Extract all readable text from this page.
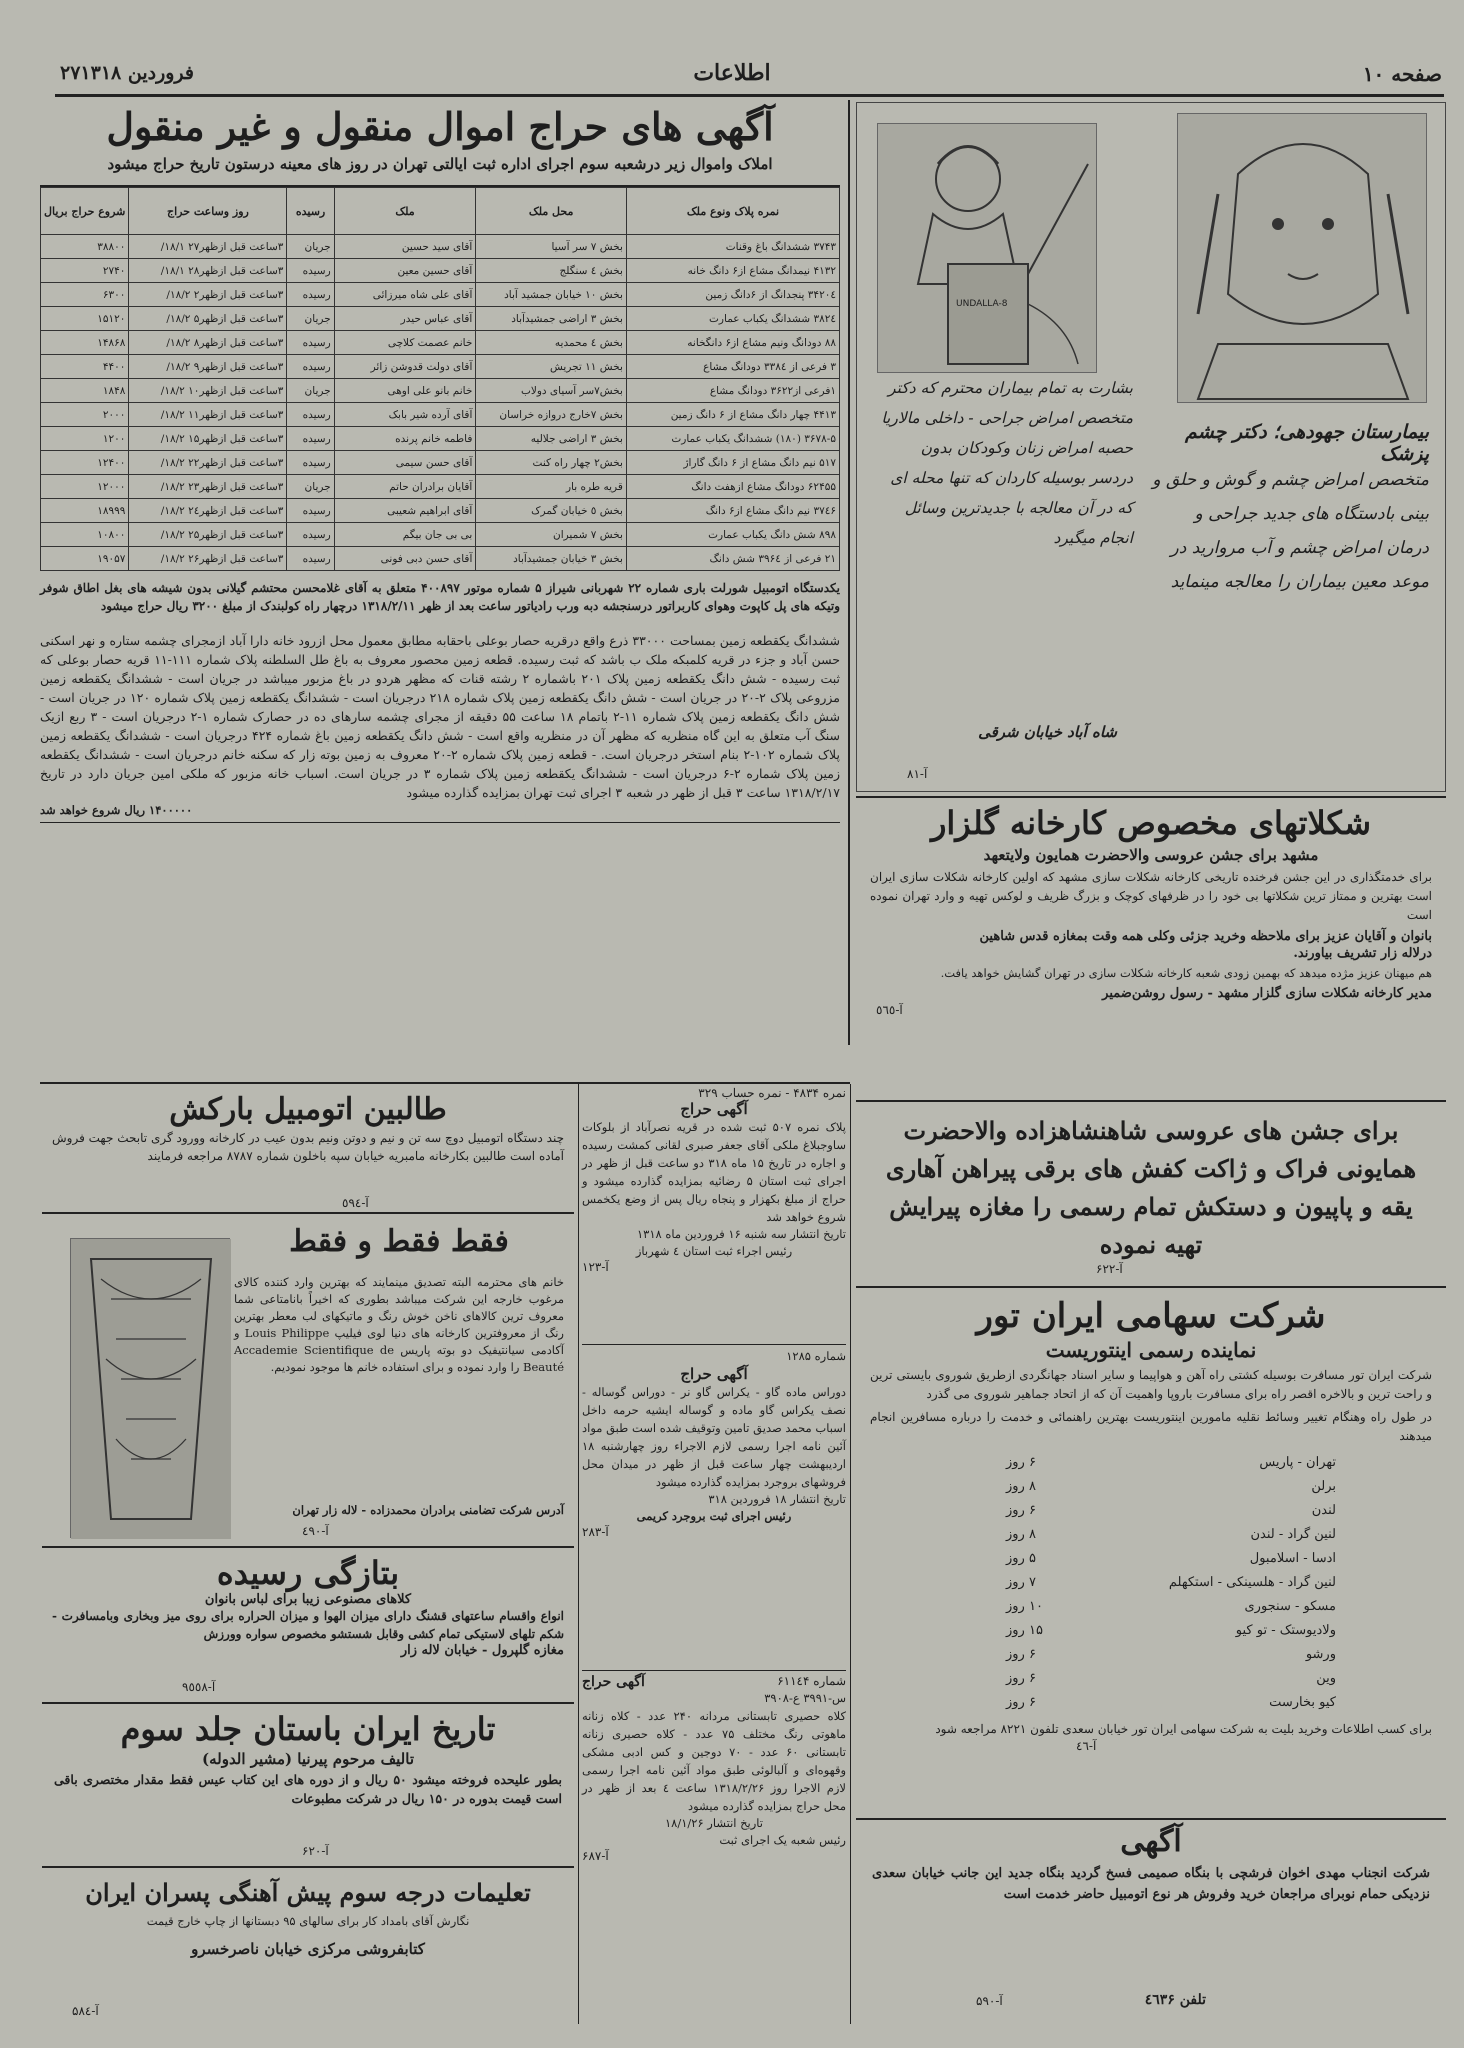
صفحه ۱۰
اطلاعات
۲۷فروردین ۱۳۱۸
آگهی های حراج اموال منقول و غیر منقول
املاک واموال زیر درشعبه سوم اجرای اداره ثبت ایالتی تهران در روز های معینه درستون تاریخ حراج میشود
نمره پلاک ونوع ملک	محل ملک	ملک	رسیده	روز وساعت حراج	شروع حراج بریال
۳۷۴۳ ششدانگ باغ وقنات	بخش ۷ سر آسیا	آقای سید حسین	جریان	۳ساعت قبل ازظهر۲۷ ۱۸/۱/	۳۸۸۰۰
۴۱۳۲ نیمدانگ مشاع از۶ دانگ خانه	بخش ٤ سنگلج	آقای حسین معین	رسیده	۳ساعت قبل ازظهر۲۸ ۱۸/۱/	۲۷۴۰
۳۴۲۰٤ پنجدانگ از ۶دانگ زمین	بخش ۱۰ خیابان جمشید آباد	آقای علی شاه میرزائی	رسیده	۳ساعت قبل ازظهر۲ ۱۸/۲/	۶۳۰۰
۳۸۲٤ ششدانگ یکباب عمارت	بخش ۳ اراضی جمشیدآباد	آقای عباس حیدر	جریان	۳ساعت قبل ازظهر۵ ۱۸/۲/	۱۵۱۲۰
۸۸ دودانگ ونیم مشاع از۶ دانگخانه	بخش ٤ محمدیه	خانم عصمت کلاچی	رسیده	۳ساعت قبل ازظهر۸ ۱۸/۲/	۱۴۸۶۸
۳ فرعی از ۳۳۸٤ دودانگ مشاع	بخش ۱۱ تجریش	آقای دولت قدوشن زائر	رسیده	۳ساعت قبل ازظهر۹ ۱۸/۲/	۴۴۰۰
۱فرعی از۳۶۲۲ دودانگ مشاع	بخش۷سر آسیای دولاب	خانم بانو علی اوهی	جریان	۳ساعت قبل ازظهر۱۰ ۱۸/۲/	۱۸۴۸
۴۴۱۳ چهار دانگ مشاع از ۶ دانگ زمین	بخش ۷خارج دروازه خراسان	آقای آرده شیر بابک	رسیده	۳ساعت قبل ازظهر۱۱ ۱۸/۲/	۲۰۰۰
۳۶۷۸-۵ (۱۸۰) ششدانگ یکباب عمارت	بخش ۳ اراضی جلالیه	فاطمه خانم پرنده	رسیده	۳ساعت قبل ازظهر۱۵ ۱۸/۲/	۱۲۰۰
۵۱۷ نیم دانگ مشاع از ۶ دانگ گاراژ	بخش۲ چهار راه کنت	آقای حسن سیمی	رسیده	۳ساعت قبل ازظهر۲۲ ۱۸/۲/	۱۲۴۰۰
۶۲۴۵۵ دودانگ مشاع ازهفت دانگ	قریه طره بار	آقایان برادران حاتم	جریان	۳ساعت قبل ازظهر۲۳ ۱۸/۲/	۱۲۰۰۰
۳۷٤۶ نیم دانگ مشاع از۶ دانگ	بخش ٥ خیابان گمرک	آقای ابراهیم شعیبی	رسیده	۳ساعت قبل ازظهر۲٤ ۱۸/۲/	۱۸۹۹۹
۸۹۸ شش دانگ یکباب عمارت	بخش ۷ شمیران	بی بی جان بیگم	رسیده	۳ساعت قبل ازظهر۲۵ ۱۸/۲/	۱۰۸۰۰
۲۱ فرعی از ۳۹۶٤ شش دانگ	بخش ۳ خیابان جمشیدآباد	آقای حسن دبی فونی	رسیده	۳ساعت قبل ازظهر۲۶ ۱۸/۲/	۱۹۰۵۷
یکدستگاه اتومبیل شورلت باری شماره ۲۲ شهربانی شیراز ۵ شماره موتور ۴۰۰۸۹۷ متعلق به آقای غلامحسن محتشم گیلانی بدون شیشه های بغل اطاق شوفر وتیکه های پل کاپوت وهوای کاربراتور درسنجشه دبه ورب رادیاتور ساعت بعد از ظهر ۱۳۱۸/۲/۱۱ درچهار راه کولبندک از مبلغ ۳۲۰۰ ریال حراج میشود
ششدانگ یکقطعه زمین بمساحت ۳۳۰۰۰ ذرع واقع درقریه حصار بوعلی باحقابه مطابق معمول محل ازرود خانه دارا آباد ازمجرای چشمه ستاره و نهر اسکنی حسن آباد و جزء در قریه کلمبکه ملک ب باشد که ثبت رسیده. قطعه زمین محصور معروف به باغ طل السلطنه پلاک شماره ۱۱۱-۱۱ قریه حصار بوعلی که ثبت رسیده - شش دانگ یکقطعه زمین پلاک ۲۰۱ باشماره ۲ رشته قنات که مظهر هردو در باغ مزبور میباشد در جریان است - ششدانگ یکقطعه زمین مزروعی پلاک ۲-۲۰ در جریان است - شش دانگ یکقطعه زمین پلاک شماره ۲۱۸ درجریان است - ششدانگ یکقطعه زمین پلاک شماره ۱۲۰ در جریان است - شش دانگ یکقطعه زمین پلاک شماره ۱۱-۲ باتمام ۱۸ ساعت ۵۵ دقیقه از مجرای چشمه سارهای ده در حصارک شماره ۱-۲ درجریان است - ۳ ربع ازیک سنگ آب متعلق به این گاه منظریه که مظهر آن در منظریه واقع است - شش دانگ یکقطعه زمین باغ شماره ۴۲۴ درجریان است - ششدانگ یکقطعه زمین پلاک شماره ۱۰۲-۲ بنام استخر درجریان است. - قطعه زمین پلاک شماره ۲-۲۰ معروف به زمین بوته زار که سکنه خانم درجریان است - ششدانگ یکقطعه زمین پلاک شماره ۲-۶ درجریان است - ششدانگ یکقطعه زمین پلاک شماره ۳ در جریان است. اسباب خانه مزبور که ملکی امین جریان دارد در تاریخ ۱۳۱۸/۲/۱۷ ساعت ۳ قبل از ظهر در شعبه ۳ اجرای ثبت تهران بمزایده گذارده میشود
۱۴۰۰۰۰۰ ریال شروع خواهد شد
UNDALLA-8
بیمارستان جهودهی؛ دکتر چشم پزشک
متخصص امراض چشم و گوش و حلق و بینی بادستگاه های جدید جراحی و درمان امراض چشم و آب مروارید در موعد معین بیماران را معالجه مینماید
بشارت به تمام بیماران محترم که دکتر متخصص امراض جراحی - داخلی مالاریا حصبه امراض زنان وکودکان بدون دردسر بوسیله کاردان که تنها محله ای که در آن معالجه با جدیدترین وسائل انجام میگیرد
شاه آباد خیابان شرقی
آ-۸۱
شکلاتهای مخصوص کارخانه گلزار
مشهد برای جشن عروسی والاحضرت همایون ولایتعهد
برای خدمتگذاری در این جشن فرخنده تاریخی کارخانه شکلات سازی مشهد که اولین کارخانه شکلات سازی ایران است بهترین و ممتاز ترین شکلاتها بی خود را در ظرفهای کوچک و بزرگ ظریف و لوکس تهیه و وارد تهران نموده است
بانوان و آقایان عزیز برای ملاحظه وخرید جزئی وکلی همه وقت بمغازه قدس شاهین
درلاله زار تشریف بیاورند.
هم میهنان عزیز مژده میدهد که بهمین زودی شعبه کارخانه شکلات سازی در تهران گشایش خواهد یافت.
مدیر کارخانه شکلات سازی گلزار مشهد - رسول روشن‌ضمیر
آ-٥٦٥
برای جشن های عروسی شاهنشاهزاده والاحضرت همایونی فراک و ژاکت کفش های برقی پیراهن آهاری یقه و پاپیون و دستکش تمام رسمی را مغازه پیرایش تهیه نموده
آ-۶۲۲
شرکت سهامی ایران تور
نماینده رسمی اینتوریست
شرکت ایران تور مسافرت بوسیله کشتی راه آهن و هواپیما و سایر اسناد جهانگردی ازطریق شوروی بایستی ترین و راحت ترین و بالاخره اقصر راه برای مسافرت باروپا واهمیت آن که از اتحاد جماهیر شوروی می گذرد
در طول راه وهنگام تغییر وسائط نقلیه مامورین اینتوریست بهترین راهنمائی و خدمت را درباره مسافرین انجام میدهند
تهران - پاریس
۶ روز
برلن
۸ روز
لندن
۶ روز
لنین گراد - لندن
۸ روز
ادسا - اسلامبول
۵ روز
لنین گراد - هلسینکی - استکهلم
۷ روز
مسکو - سنجوری
۱۰ روز
ولادیوستک - تو کیو
۱۵ روز
ورشو
۶ روز
وین
۶ روز
کیو بخارست
۶ روز
برای کسب اطلاعات وخرید بلیت به شرکت سهامی ایران تور خیابان سعدی تلفون ۸۲۲۱ مراجعه شود
آ-٤٦
آگهی
شرکت انجناب مهدی اخوان فرشچی با بنگاه صمیمی فسخ گردید بنگاه جدید این جانب خیابان سعدی نزدیکی حمام نوبرای مراجعان خرید وفروش هر نوع اتومبیل حاضر خدمت است
تلفن ٤٦٣۶
آ-۵۹۰
طالبین اتومبیل بارکش
چند دستگاه اتومبیل دوچ سه تن و نیم و دوتن ونیم بدون عیب در کارخانه وورود گری تابحث جهت فروش آماده است طالبین بکارخانه مامبریه خیابان سپه باخلون شماره ۸۷۸۷ مراجعه فرمایند
آ-٥٩٤
فقط فقط و فقط
خانم های محترمه البته تصدیق مینمایند که بهترین وارد کننده کالای مرغوب خارجه این شرکت میباشد بطوری که اخیراً بانامتاعی شما معروف ترین کالاهای ناخن خوش رنگ و ماتیکهای لب معطر بهترین رنگ از معروفترین کارخانه های دنیا لوی فیلیپ Louis Philippe و آکادمی سیانتیفیک دو بوته پاریس Accademie Scientifique de Beauté را وارد نموده و برای استفاده خانم ها موجود نمودیم.
آدرس شرکت تضامنی برادران محمدزاده - لاله زار تهران
آ-٤٩٠
بتازگی رسیده
کلاهای مصنوعی زیبا برای لباس بانوان
انواع واقسام ساعتهای قشنگ دارای میزان الهوا و میزان الحراره برای روی میز وبخاری وبامسافرت - شکم تلهای لاستیکی تمام کشی وقابل شستشو مخصوص سواره وورزش
مغازه گلپرول - خیابان لاله زار
آ-٩٥٥٨
تاریخ ایران باستان جلد سوم
تالیف مرحوم پیرنیا (مشیر الدوله)
بطور علیحده فروخته میشود ۵۰ ریال و از دوره های این کتاب عیس فقط مقدار مختصری باقی است قیمت بدوره در ۱۵۰ ریال در شرکت مطبوعات
آ-۶۲۰
تعلیمات درجه سوم پیش آهنگی پسران ایران
نگارش آقای بامداد کار برای سالهای ۹۵ دبستانها از چاپ خارج قیمت
کتابفروشی مرکزی خیابان ناصرخسرو
آ-۵۸٤
نمره ۴۸۳۴ - نمره حساب ۳۲۹
آگهی حراج
پلاک نمره ۵۰۷ ثبت شده در قریه نصرآباد از بلوکات ساوجبلاغ ملکی آقای جعفر صبری لقانی کمشت رسیده و اجاره در تاریخ ۱۵ ماه ۳۱۸ دو ساعت قبل از ظهر در اجرای ثبت استان ۵ رضائیه بمزایده گذارده میشود و حراج از مبلغ بکهزار و پنجاه ریال پس از وضع یکخمس شروع خواهد شد
تاریخ انتشار سه شنبه ۱۶ فروردین ماه ۱۳۱۸
رئیس اجراء ثبت استان ٤ شهرباز
آ-۱۲۳
شماره ۱۲۸۵
آگهی حراج
دوراس ماده گاو - یکراس گاو نر - دوراس گوساله - نصف یکراس گاو ماده و گوساله ایشیه حرمه داخل اسباب محمد صدیق تامین وتوقیف شده است طبق مواد آئین نامه اجرا رسمی لازم الاجراء روز چهارشنبه ۱۸ اردیبهشت چهار ساعت قبل از ظهر در میدان محل فروشهای بروجرد بمزایده گذارده میشود
تاریخ انتشار ۱۸ فروردین ۳۱۸
رئیس اجرای ثبت بروجرد کریمی
آ-۲۸۳
شماره ۶۱۱٤۴
آگهی حراج
س-۳۹۹۱ ع-۳۹۰۸
کلاه حصیری تابستانی مردانه ۲۴۰ عدد - کلاه زنانه ماهوتی رنگ مختلف ۷۵ عدد - کلاه حصیری زنانه تابستانی ۶۰ عدد - ۷۰ دوجین و کس ادبی مشکی وقهوه‌ای و آلبالوئی طبق مواد آئین نامه اجرا رسمی لازم الاجرا روز ۱۳۱۸/۲/۲۶ ساعت ٤ بعد از ظهر در محل حراج بمزایده گذارده میشود
تاریخ انتشار ۱۸/۱/۲۶
رئیس شعبه یک اجرای ثبت
آ-۶۸۷
